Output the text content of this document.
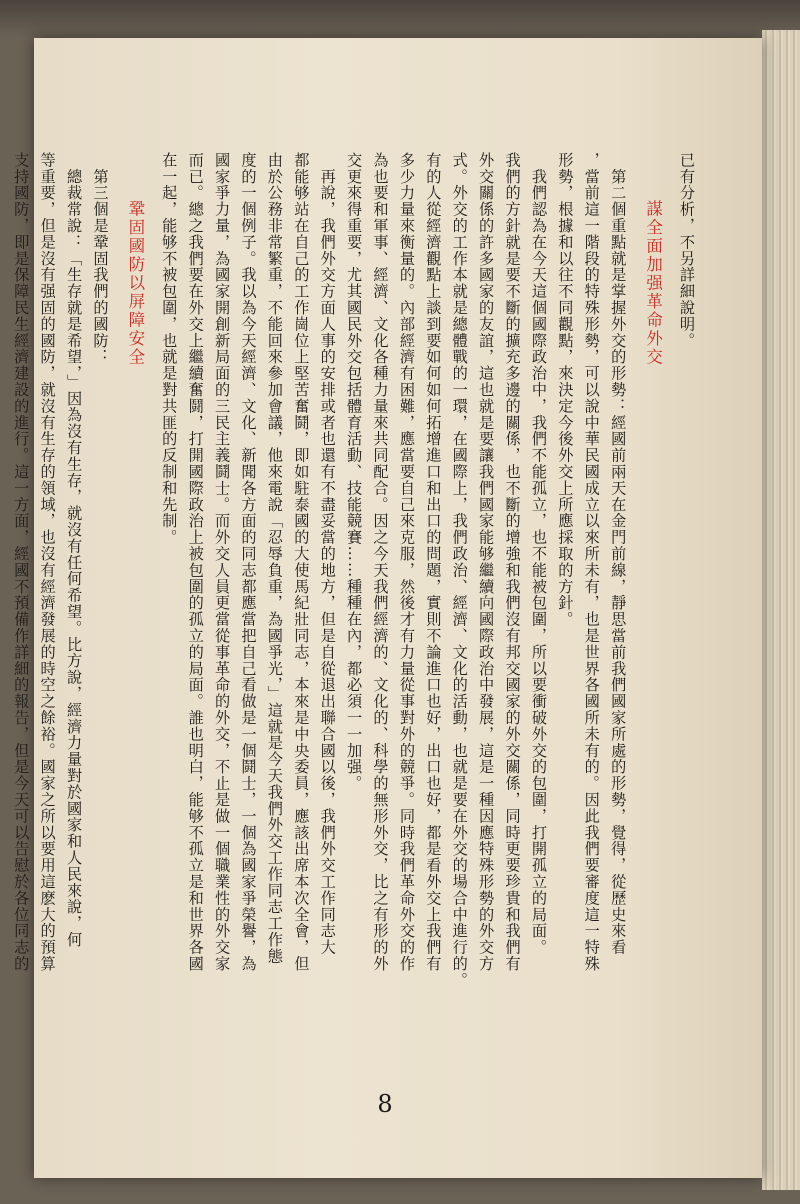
已有分析，不另詳細說明。

謀全面加强革命外交

　第二個重點就是掌握外交的形勢：經國前兩天在金門前線，靜思當前我們國家所處的形勢，覺得，從歷史來看

，當前這一階段的特殊形勢，可以說中華民國成立以來所未有，也是世界各國所未有的。因此我們要審度這一特殊

形勢，根據和以往不同觀點，來決定今後外交上所應採取的方針。

　我們認為在今天這個國際政治中，我們不能孤立，也不能被包圍，所以要衝破外交的包圍，打開孤立的局面。

我們的方針就是要不斷的擴充多邊的關係，也不斷的增強和我們沒有邦交國家的外交關係，同時更要珍貴和我們有

外交關係的許多國家的友誼，這也就是要讓我們國家能够繼續向國際政治中發展，這是一種因應特殊形勢的外交方

式。外交的工作本就是總體戰的一環，在國際上，我們政治、經濟、文化的活動，也就是要在外交的場合中進行的。

有的人從經濟觀點上談到要如何如何拓增進口和出口的問題，實則不論進口也好，出口也好，都是看外交上我們有

多少力量來衡量的。內部經濟有困難，應當要自己來克服，然後才有力量從事對外的競爭。同時我們革命外交的作

為也要和軍事、經濟、文化各種力量來共同配合。因之今天我們經濟的、文化的、科學的無形外交，比之有形的外

交更來得重要，尤其國民外交包括體育活動、技能競賽……種種在內，都必須一一加强。

　再說，我們外交方面人事的安排或者也還有不盡妥當的地方，但是自從退出聯合國以後，我們外交工作同志大

都能够站在自己的工作崗位上堅苦奮鬪，即如駐泰國的大使馬紀壯同志，本來是中央委員，應該出席本次全會，但

由於公務非常繁重，不能回來參加會議，他來電說「忍辱負重，為國爭光，」這就是今天我們外交工作同志工作態

度的一個例子。我以為今天經濟、文化、新聞各方面的同志都應當把自己看做是一個鬪士，一個為國家爭榮譽，為

國家爭力量，為國家開創新局面的三民主義鬪士。而外交人員更當從事革命的外交，不止是做一個職業性的外交家

而已。總之我們要在外交上繼續奮鬪，打開國際政治上被包圍的孤立的局面。誰也明白，能够不孤立是和世界各國

在一起，能够不被包圍，也就是對共匪的反制和先制。

鞏固國防以屏障安全

　第三個是鞏固我們的國防：

　總裁常說：「生存就是希望，」因為沒有生存，就沒有任何希望。比方說，經濟力量對於國家和人民來說，何

等重要，但是沒有强固的國防，就沒有生存的領域，也沒有經濟發展的時空之餘裕。國家之所以要用這麽大的預算

支持國防，即是保障民生經濟建設的進行。這一方面，經國不預備作詳細的報告，但是今天可以告慰於各位同志的

8
